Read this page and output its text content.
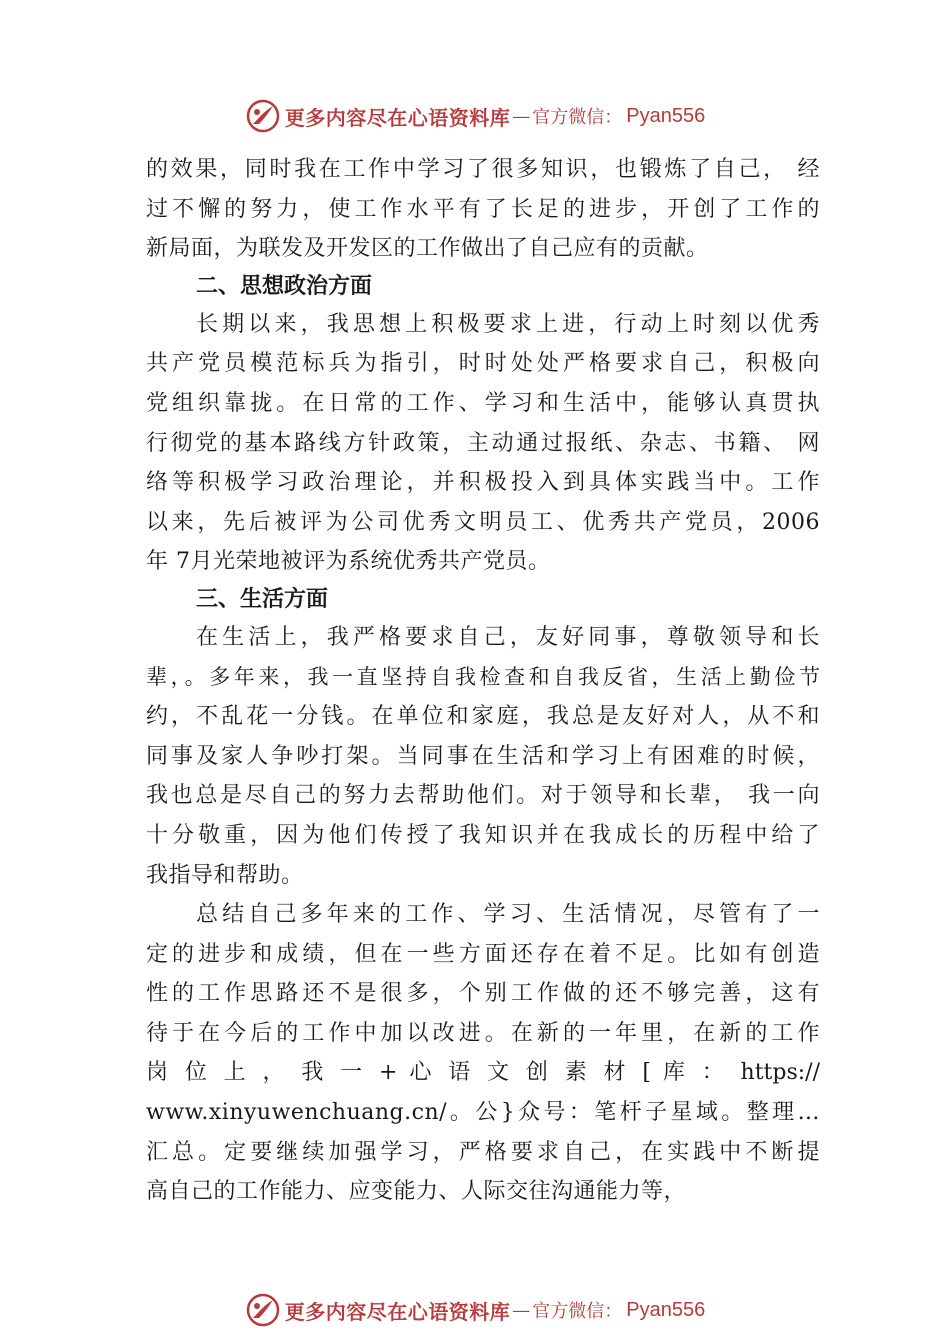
更多内容尽在心语资料库 — 官方微信： Pyan556
的效果，同时我在工作中学习了很多知识，也锻炼了自己， 经
过不懈的努力，使工作水平有了长足的进步，开创了工作的
新局面，为联发及开发区的工作做出了自己应有的贡献。
二、思想政治方面
长期以来，我思想上积极要求上进，行动上时刻以优秀
共产党员模范标兵为指引，时时处处严格要求自己，积极向
党组织靠拢。在日常的工作、学习和生活中，能够认真贯执
行彻党的基本路线方针政策，主动通过报纸、杂志、书籍、 网
络等积极学习政治理论，并积极投入到具体实践当中。工作
以来，先后被评为公司优秀文明员工、优秀共产党员，2006
年 7月光荣地被评为系统优秀共产党员。
三、生活方面
在生活上，我严格要求自己，友好同事，尊敬领导和长
辈，。多年来，我一直坚持自我检查和自我反省，生活上勤俭节
约，不乱花一分钱。在单位和家庭，我总是友好对人，从不和
同事及家人争吵打架。当同事在生活和学习上有困难的时候，
我也总是尽自己的努力去帮助他们。对于领导和长辈， 我一向
十分敬重，因为他们传授了我知识并在我成长的历程中给了
我指导和帮助。
总结自己多年来的工作、学习、生活情况，尽管有了一
定的进步和成绩，但在一些方面还存在着不足。比如有创造
性的工作思路还不是很多，个别工作做的还不够完善，这有
待于在今后的工作中加以改进。在新的一年里，在新的工作
岗 位 上 ， 我 一 + 心 语 文 创 素 材 [ 库 ： https://
www.xinyuwenchuang.cn/。公}众号：笔杆子星域。整理…
汇总。定要继续加强学习，严格要求自己，在实践中不断提
高自己的工作能力、应变能力、人际交往沟通能力等，
更多内容尽在心语资料库 — 官方微信： Pyan556
